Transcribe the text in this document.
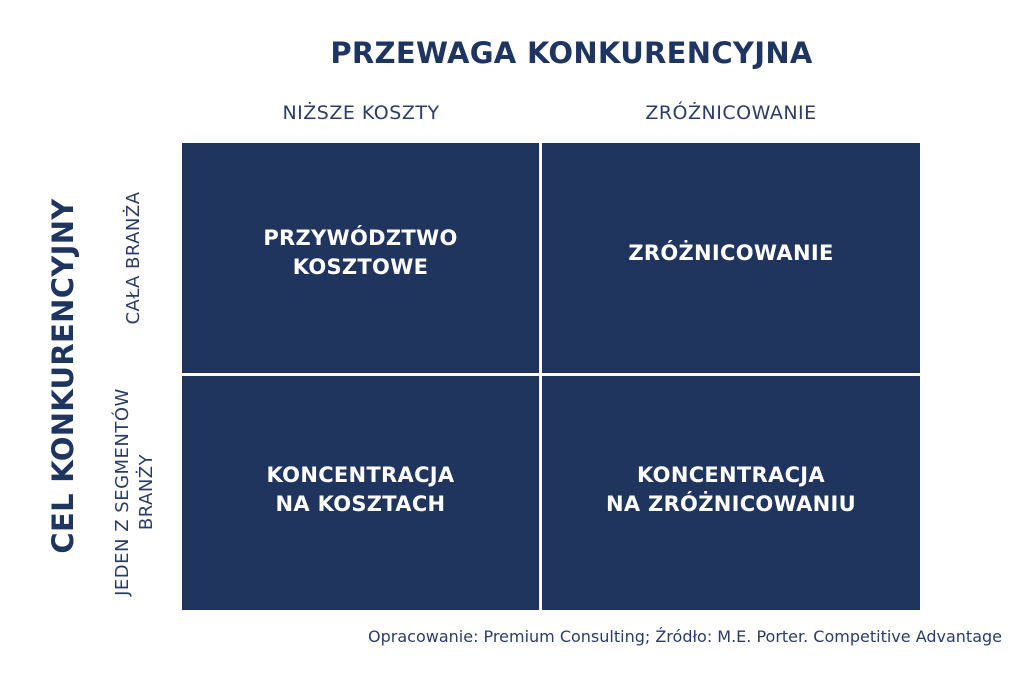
PRZEWAGA KONKURENCYJNA
NIŻSZE KOSZTY	ZRÓŻNICOWANIE
CEL KONKURENCYJNY CAŁA BRANŻA
JEDEN Z SEGMENTÓW BRANŻY
PRZYWÓDZTWO
KOSZTOWE
ZRÓŻNICOWANIE
KONCENTRACJA
NA KOSZTACH
KONCENTRACJA
NA ZRÓŻNICOWANIU
Opracowanie: Premium Consulting; Źródło: M.E. Porter. Competitive Advantage
